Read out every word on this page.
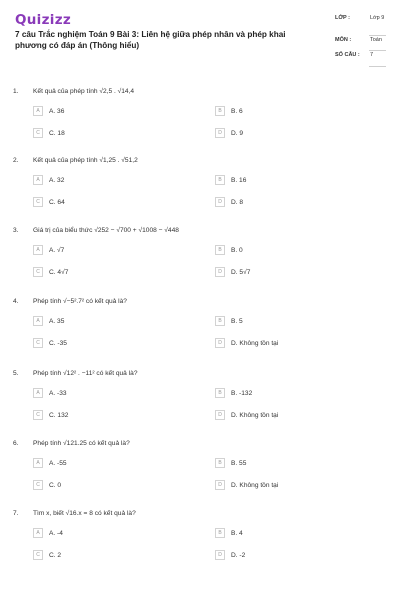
Quizizz
7 câu Trắc nghiệm Toán 9 Bài 3: Liên hệ giữa phép nhân và phép khai phương có đáp án (Thông hiểu)
LỚP :	Lớp 9
MÔN :	Toán
SỐ CÂU :	7
1. Kết quả của phép tính √2,5 . √14,4
A	A. 36	B	B. 6
C	C. 18	D	D. 9
2. Kết quả của phép tính √1,25 . √51,2
A	A. 32	B	B. 16
C	C. 64	D	D. 8
3. Giá trị của biểu thức √252 − √700 + √1008 − √448
A	A. √7	B	B. 0
C	C. 4√7	D	D. 5√7
4. Phép tính √−5².7² có kết quả là?
A	A. 35	B	B. 5
C	C. -35	D	D. Không tồn tại
5. Phép tính √12² . −11² có kết quả là?
A	A. -33	B	B. -132
C	C. 132	D	D. Không tồn tại
6. Phép tính √121.25 có kết quả là?
A	A. -55	B	B. 55
C	C. 0	D	D. Không tồn tại
7. Tìm x, biết √16.x = 8 có kết quả là?
A	A. -4	B	B. 4
C	C. 2	D	D. -2
